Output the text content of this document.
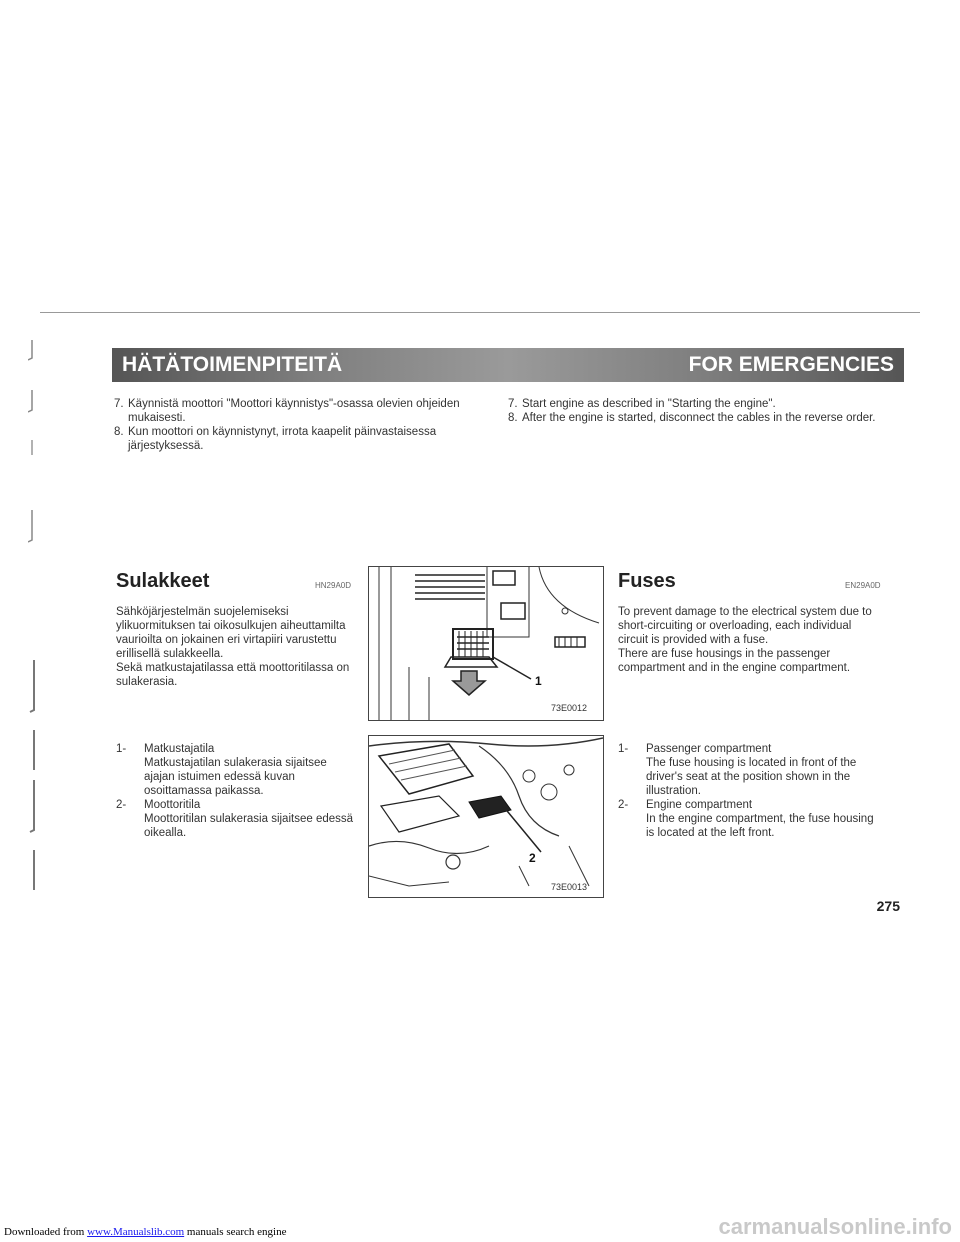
HÄTÄTOIMENPITEITÄ	FOR EMERGENCIES
7. Käynnistä moottori "Moottori käynnistys"-osassa olevien ohjeiden mukaisesti.
8. Kun moottori on käynnistynyt, irrota kaapelit päinvastaisessa järjestyksessä.
7. Start engine as described in "Starting the engine".
8. After the engine is started, disconnect the cables in the reverse order.
Sulakkeet	HN29A0D
Sähköjärjestelmän suojelemiseksi ylikuormituksen tai oikosulkujen aiheuttamilta vaurioilta on jokainen eri virtapiiri varustettu erillisellä sulakkeella.
Sekä matkustajatilassa että moottoritilassa on sulakerasia.
1-	Matkustajatila
Matkustajatilan sulakerasia sijaitsee ajajan istuimen edessä kuvan osoittamassa paikassa.
2-	Moottoritila
Moottoritilan sulakerasia sijaitsee edessä oikealla.
1
73E0012
2
73E0013
Fuses	EN29A0D
To prevent damage to the electrical system due to short-circuiting or overloading, each individual circuit is provided with a fuse.
There are fuse housings in the passenger compartment and in the engine compartment.
1-	Passenger compartment
The fuse housing is located in front of the driver's seat at the position shown in the illustration.
2-	Engine compartment
In the engine compartment, the fuse housing is located at the left front.
275
Downloaded from www.Manualslib.com manuals search engine	carmanualsonline.info
